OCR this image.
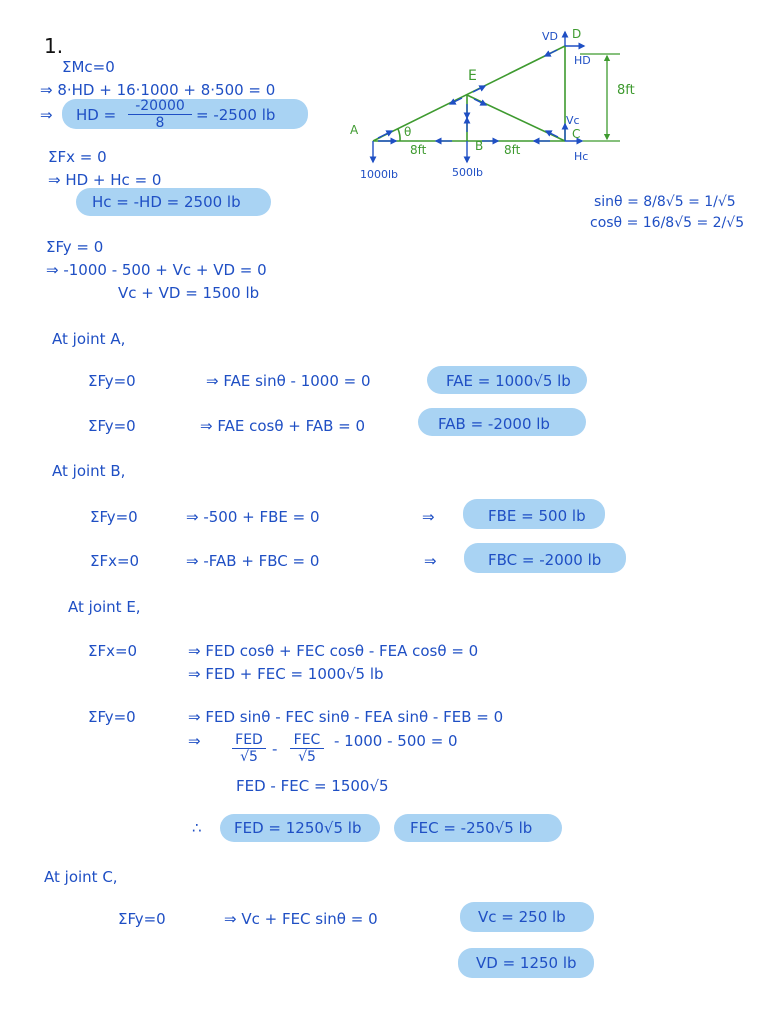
1.
ΣMc=0
⇒ 8·HD + 16·1000 + 8·500 = 0
⇒ HD = $\frac{-20000}{8} = -2500$ lb
ΣFx = 0
⇒ HD + Hc = 0
Hc = -HD = 2500 lb
ΣFy = 0
⇒ -1000 - 500 + Vc + VD = 0
Vc + VD = 1500 lb
At joint A,
ΣFy=0	⇒ FAE sinθ - 1000 = 0	FAE = 1000√5 lb
ΣFy=0	⇒ FAE cosθ + FAB = 0	FAB = -2000 lb
At joint B,
ΣFy=0	⇒ -500 + FBE = 0	⇒	FBE = 500 lb
ΣFx=0	⇒ -FAB + FBC = 0	⇒	FBC = -2000 lb
At joint E,
ΣFx=0	⇒ FED cosθ + FEC cosθ - FEA cosθ = 0
⇒ FED + FEC = 1000√5 lb
ΣFy=0	⇒ FED sinθ - FEC sinθ - FEA sinθ - FEB = 0
⇒ FED
√5 - FEC
√5
- 1000 - 500 = 0
FED - FEC = 1500√5
∴ FED = 1250√5 lb	FEC = -250√5 lb
At joint C,
ΣFy=0	⇒ Vc + FEC sinθ = 0	Vc = 250 lb
VD = 1250 lb
sinθ = 8/8√5 = 1/√5
cosθ = 16/8√5 = 2/√5
A
B
C
D
E
θ
8ft	8ft
8ft
1000lb	500lb
VD
HD
Vc
Hc
